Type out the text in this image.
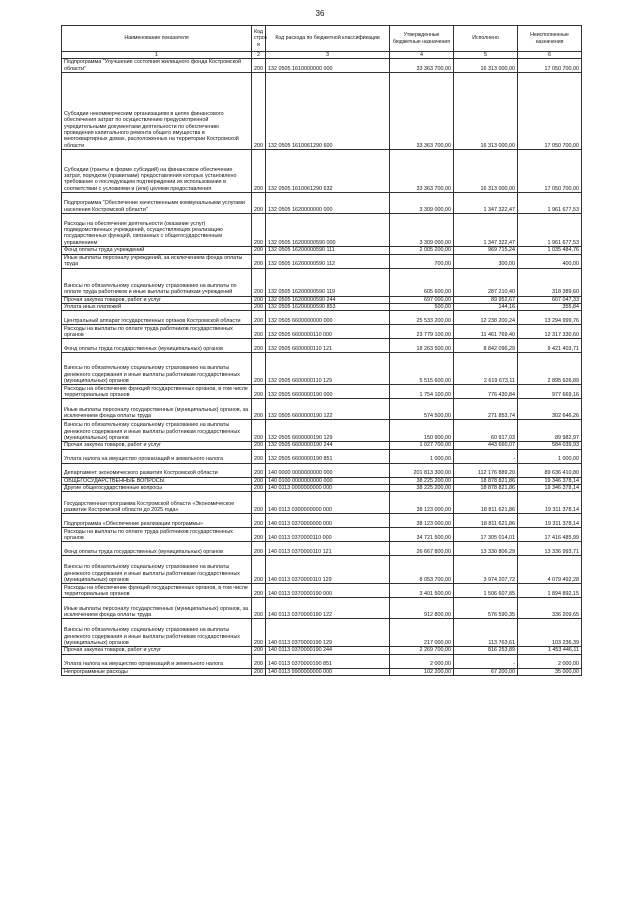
36
Наименование показателя	Код строк и	Код расхода по бюджетной классификации	Утвержденные бюджетные назначения	Исполнено	Неисполненные назначения
1	2	3	4	5	6
Подпрограмма "Улучшение состояния жилищного фонда Костромской области"	200	132 0505 1610000000 000	33 363 700,00	16 313 000,00	17 050 700,00
Субсидии некоммерческим организациям в целях финансового обеспечения затрат по осуществлению предусмотренной учредительными документами деятельности по обеспечению проведения капитального ремонта общего имущества в многоквартирных домах, расположенных на территории Костромской области	200	132 0505 1610061290 600	33 363 700,00	16 313 000,00	17 050 700,00
Субсидии (гранты в форме субсидий) на финансовое обеспечение затрат, порядком (правилами) предоставления которых установлено требование о последующем подтверждении их использования в соответствии с условиями и (или) целями предоставления	200	132 0505 1610061290 632	33 363 700,00	16 313 000,00	17 050 700,00
Подпрограмма "Обеспечение качественными коммунальными услугами населения Костромской области"	200	132 0505 1620000000 000	3 309 000,00	1 347 322,47	1 961 677,53
Расходы на обеспечение деятельности (оказание услуг) подведомственных учреждений, осуществляющих реализацию государственных функций, связанных с общегосударственным управлением	200	132 0505 16200000590 000	3 309 000,00	1 347 322,47	1 961 677,53
Фонд оплаты труда учреждений	200	132 0505 16200000590 111	2 005 200,00	969 715,24	1 035 484,76
Иные выплаты персоналу учреждений, за исключением фонда оплаты труда	200	132 0505 16200000590 112	700,00	300,00	400,00
Взносы по обязательному социальному страхованию на выплаты по оплате труда работников и иные выплаты работникам учреждений	200	132 0505 16200000590 119	605 600,00	287 210,40	318 389,60
Прочая закупка товаров, работ и услуг	200	132 0505 16200000590 244	697 000,00	89 952,67	607 047,33
Уплата иных платежей	200	132 0505 16200000590 853	500,00	144,16	355,84
Центральный аппарат государственных органов Костромской области	200	132 0505 6600000000 000	25 533 200,00	12 238 200,24	13 294 999,76
Расходы на выплаты по оплате труда работников государственных органов	200	132 0505 6600000110 000	23 779 100,00	11 461 769,40	12 317 330,60
Фонд оплаты труда государственных (муниципальных) органов	200	132 0505 6600000110 121	18 263 500,00	8 842 096,29	9 421 403,71
Взносы по обязательному социальному страхованию на выплаты денежного содержания и иные выплаты работникам государственных (муниципальных) органов	200	132 0505 6600000110 129	5 515 600,00	2 619 673,11	2 895 926,89
Расходы на обеспечение функций государственных органов, в том числе территориальных органов	200	132 0505 6600000190 000	1 754 100,00	776 430,84	977 669,16
Иные выплаты персоналу государственных (муниципальных) органов, за исключением фонда оплаты труда	200	132 0505 6600000190 122	574 500,00	271 853,74	302 646,26
Взносы по обязательному социальному страхованию на выплаты денежного содержания и иные выплаты работникам государственных (муниципальных) органов	200	132 0505 6600000190 129	150 900,00	60 917,03	89 982,97
Прочая закупка товаров, работ и услуг	200	132 0505 6600000190 244	1 027 700,00	443 660,07	584 039,93
Уплата налога на имущество организаций и земельного налога	200	132 0505 6600000190 851	1 000,00	-	1 000,00
Департамент экономического развития Костромской области	200	140 0000 0000000000 000	201 813 300,00	112 176 889,20	89 636 410,80
ОБЩЕГОСУДАРСТВЕННЫЕ ВОПРОСЫ	200	140 0100 0000000000 000	38 225 200,00	18 878 821,86	19 346 378,14
Другие общегосударственные вопросы	200	140 0113 0000000000 000	38 225 200,00	18 878 821,86	19 346 378,14
Государственная программа Костромской области «Экономическое развитие Костромской области до 2025 года»	200	140 0113 0300000000 000	38 123 000,00	18 811 621,86	19 311 378,14
Подпрограмма «Обеспечение реализации программы»	200	140 0113 0370000000 000	38 123 000,00	18 811 621,86	19 311 378,14
Расходы на выплаты по оплате труда работников государственных органов	200	140 0113 0370000110 000	34 721 500,00	17 305 014,01	17 416 485,99
Фонд оплаты труда государственных (муниципальных) органов	200	140 0113 0370000110 121	26 667 800,00	13 330 806,29	13 336 993,71
Взносы по обязательному социальному страхованию на выплаты денежного содержания и иные выплаты работникам государственных (муниципальных) органов	200	140 0113 0370000110 129	8 053 700,00	3 974 207,72	4 079 492,28
Расходы на обеспечение функций государственных органов, в том числе территориальных органов	200	140 0113 0370000190 000	3 401 500,00	1 506 607,85	1 894 892,15
Иные выплаты персоналу государственных (муниципальных) органов, за исключением фонда оплаты труда	200	140 0113 0370000190 122	912 800,00	576 590,35	336 209,65
Взносы по обязательному социальному страхованию на выплаты денежного содержания и иные выплаты работникам государственных (муниципальных) органов	200	140 0113 0370000190 129	217 000,00	113 763,61	103 236,39
Прочая закупка товаров, работ и услуг	200	140 0113 0370000190 244	2 269 700,00	816 253,89	1 453 446,11
Уплата налога на имущество организаций и земельного налога	200	140 0113 0370000190 851	2 000,00	-	2 000,00
Непрограммные расходы	200	140 0113 9900000000 000	102 200,00	67 200,00	35 000,00
